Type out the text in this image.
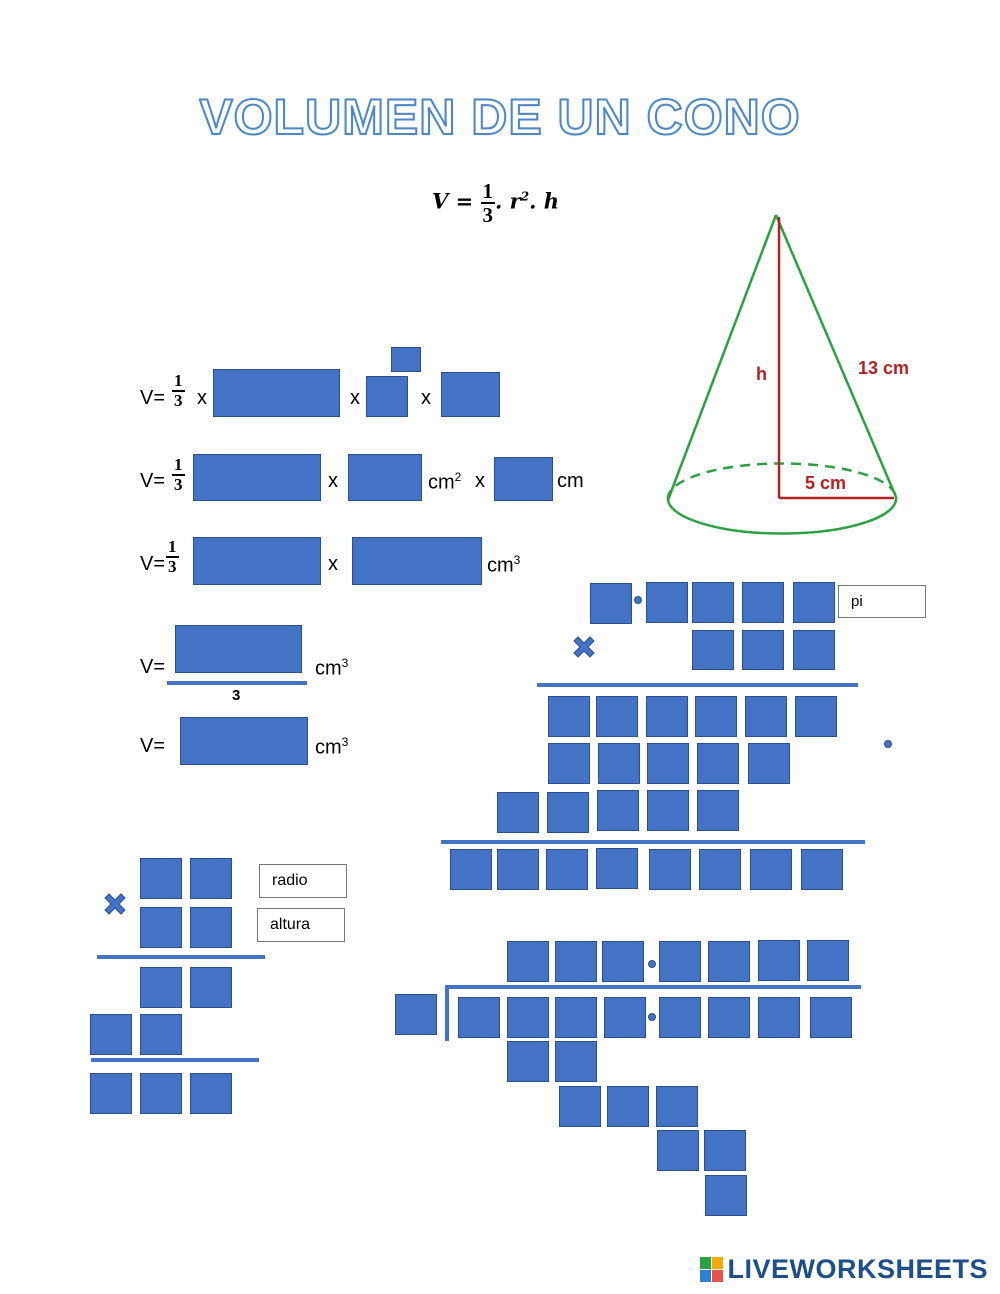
VOLUMEN DE UN CONO
$V = \frac{1}{3}$ . $r^2$. h
h	13 cm
5 cm
$V= \frac{1}{3}$ x	x	x
$V= \frac{1}{3}$	x	$cm^2$ x	cm
$V= \frac{1}{3}$	x	$cm^3$
V=
3
$cm^3$
V=	$cm^3$
pi
radio
altura
LIVEWORKSHEETS
